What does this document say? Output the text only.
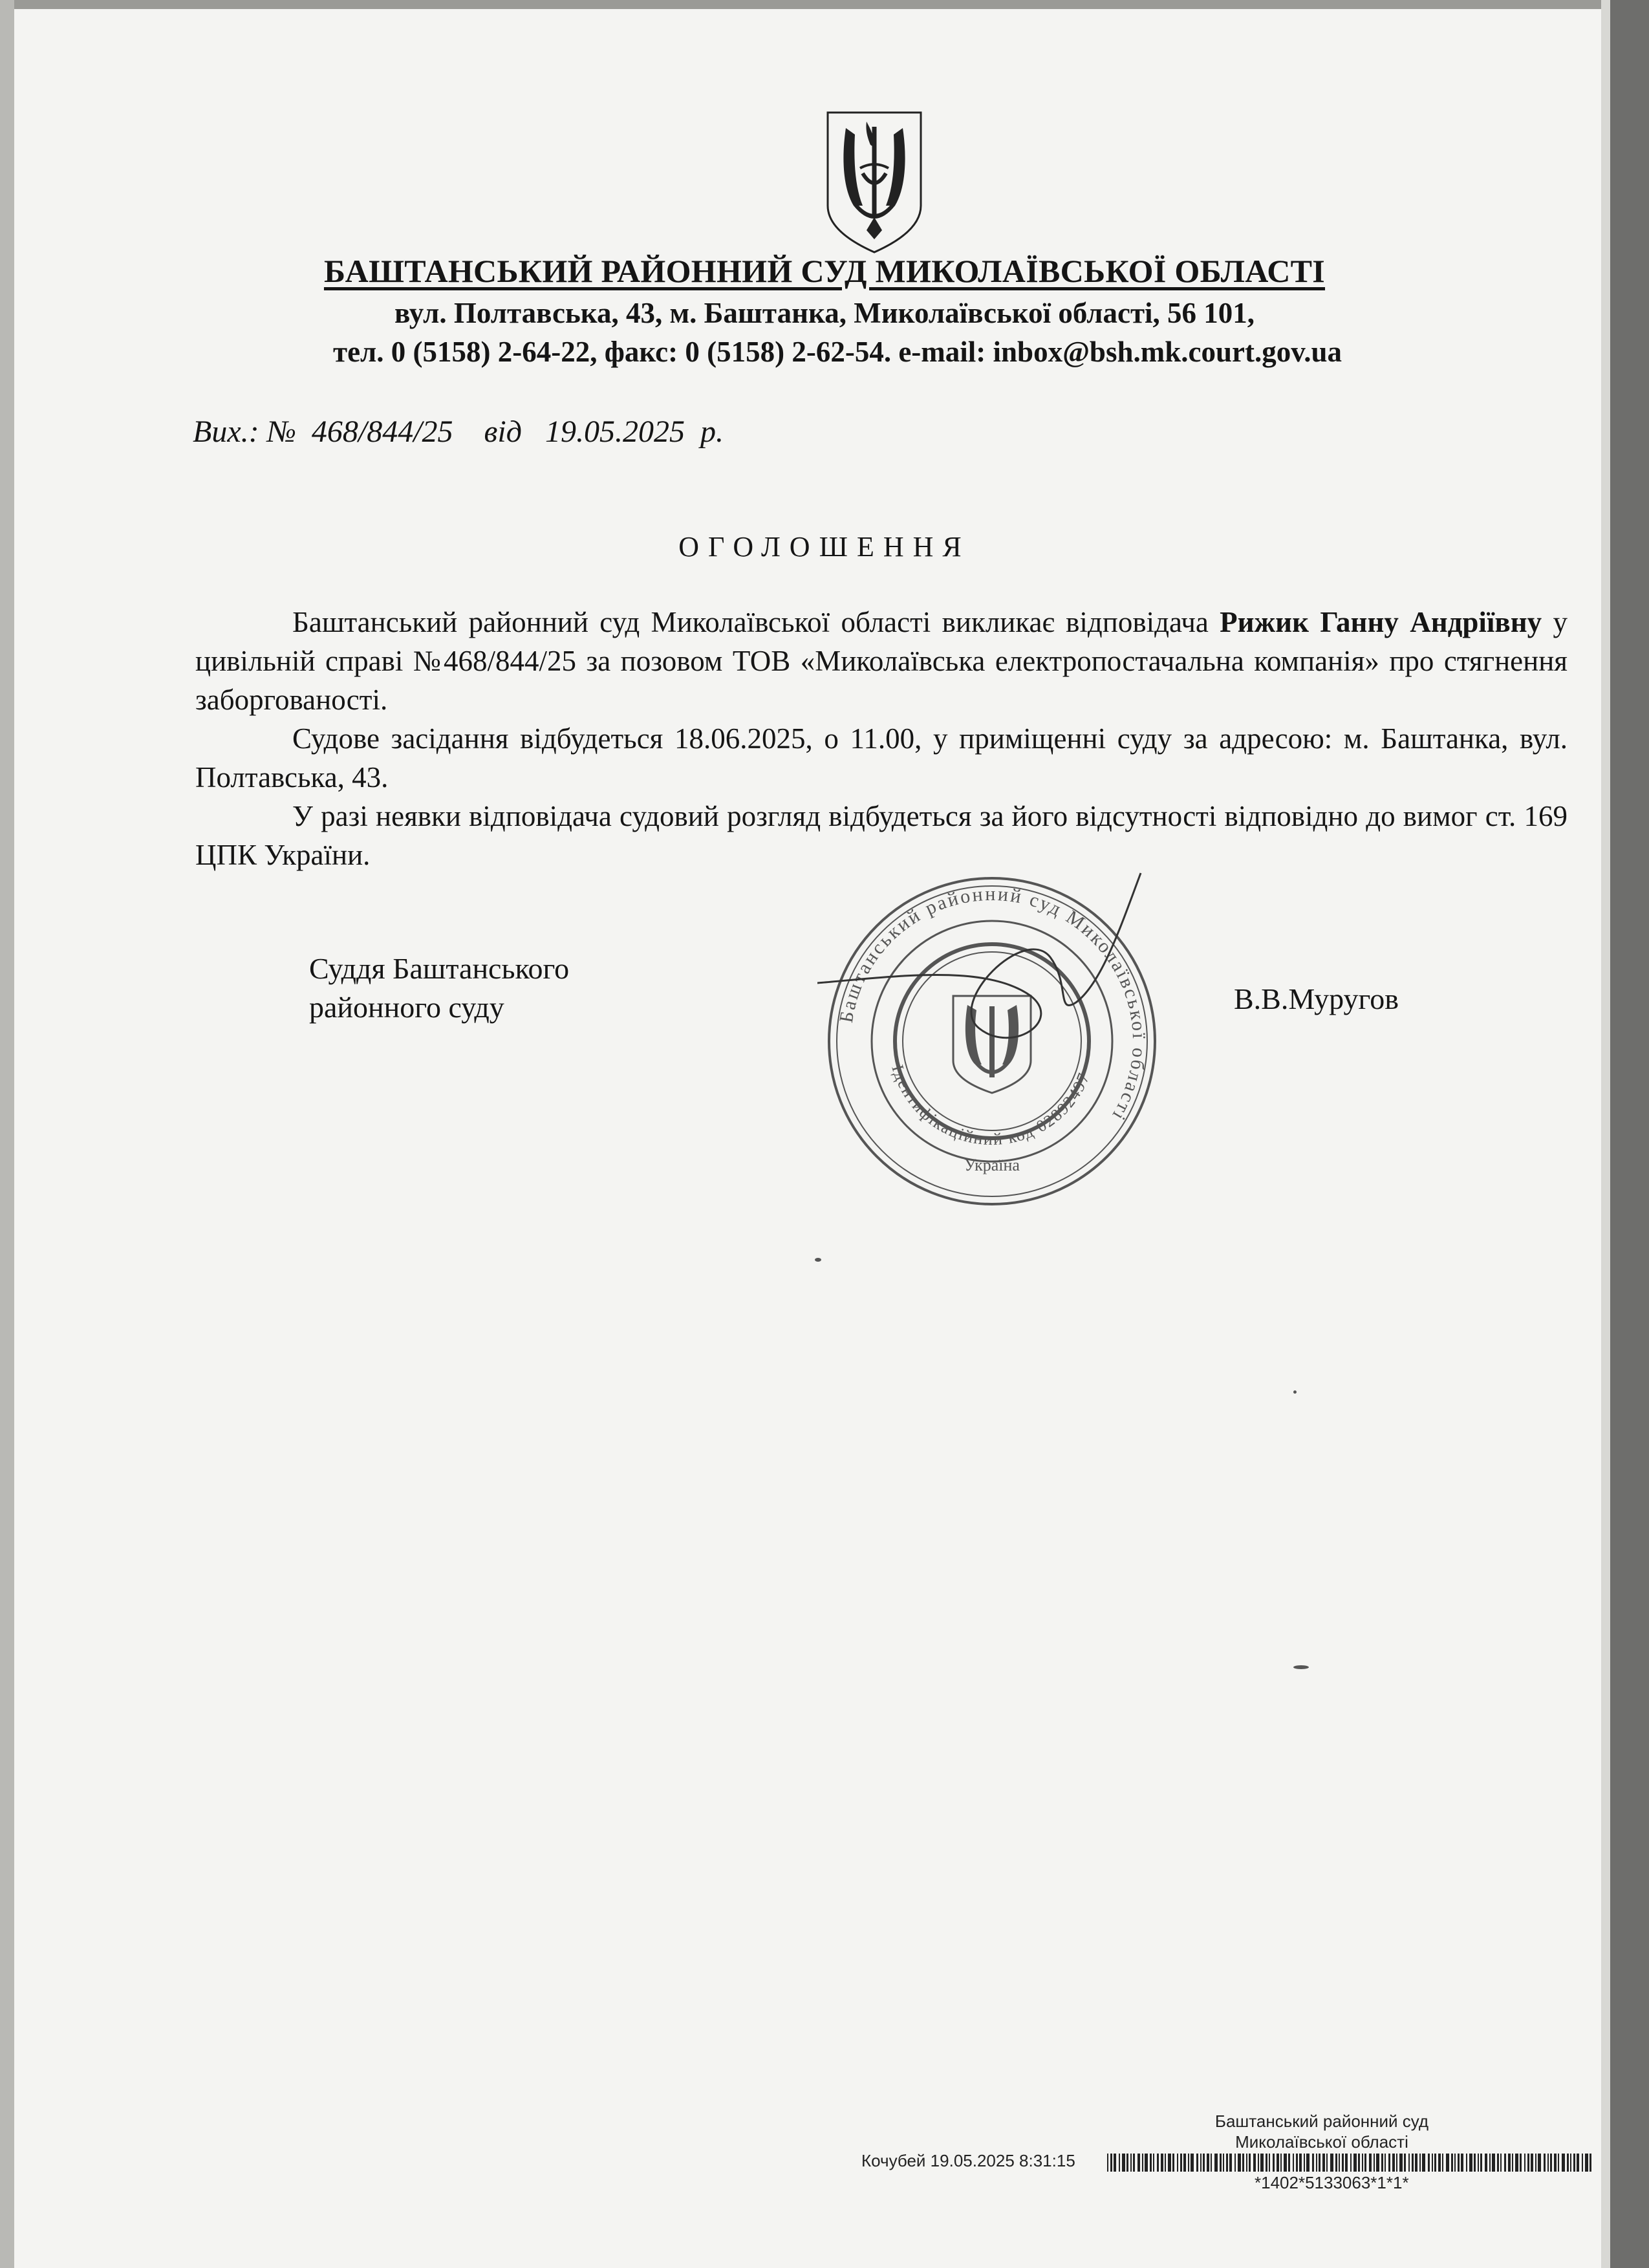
БАШТАНСЬКИЙ РАЙОННИЙ СУД МИКОЛАЇВСЬКОЇ ОБЛАСТІ
вул. Полтавська, 43, м. Баштанка, Миколаївської області, 56 101,
тел. 0 (5158) 2-64-22, факс: 0 (5158) 2-62-54. e-mail: inbox@bsh.mk.court.gov.ua
Вих.: №  468/844/25    від   19.05.2025  р.
ОГОЛОШЕННЯ

Баштанський районний суд Миколаївської області викликає відповідача Рижик Ганну Андріївну у цивільній справі №468/844/25 за позовом ТОВ «Миколаївська електропостачальна компанія» про стягнення заборгованості.

Судове засідання відбудеться 18.06.2025, о 11.00, у приміщенні суду за адресою: м. Баштанка, вул. Полтавська, 43.

У разі неявки відповідача судовий розгляд відбудеться за його відсутності відповідно до вимог ст. 169 ЦПК України.

Суддя Баштанського
районного суду	В.В.Муругов
Баштанський районний суд Миколаївської області
Ідентифікаційний код 02892497
Україна
Баштанський районний суд
Миколаївської області
Кочубей 19.05.2025 8:31:15
*1402*5133063*1*1*
